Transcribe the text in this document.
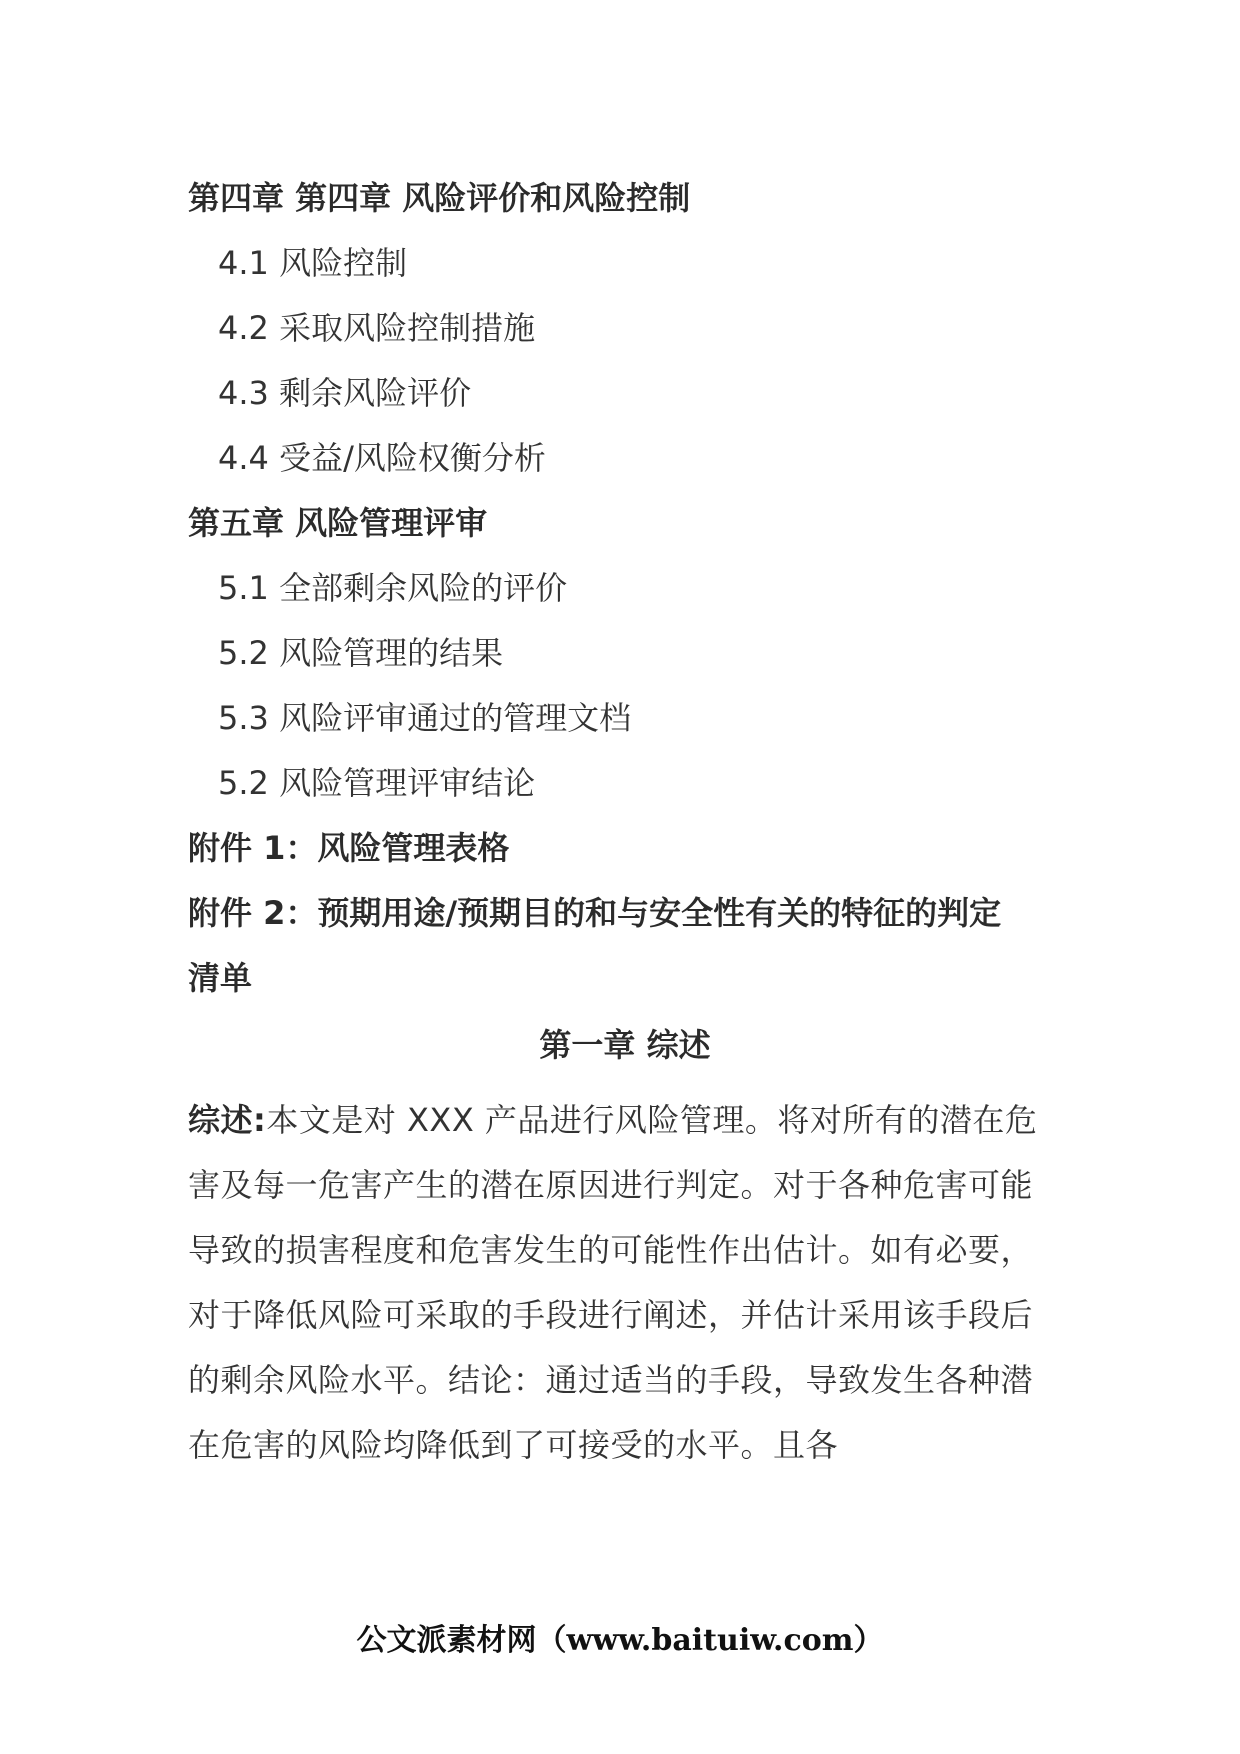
第四章 第四章 风险评价和风险控制
4.1 风险控制
4.2 采取风险控制措施
4.3 剩余风险评价
4.4 受益/风险权衡分析
第五章 风险管理评审
5.1 全部剩余风险的评价
5.2 风险管理的结果
5.3 风险评审通过的管理文档
5.2 风险管理评审结论
附件 1：风险管理表格
附件 2：预期用途/预期目的和与安全性有关的特征的判定
清单
第一章 综述
综述:本文是对 XXX 产品进行风险管理。将对所有的潜在危害及每一危害产生的潜在原因进行判定。对于各种危害可能导致的损害程度和危害发生的可能性作出估计。如有必要，对于降低风险可采取的手段进行阐述，并估计采用该手段后的剩余风险水平。结论：通过适当的手段，导致发生各种潜在危害的风险均降低到了可接受的水平。且各
公文派素材网（www.baituiw.com）
